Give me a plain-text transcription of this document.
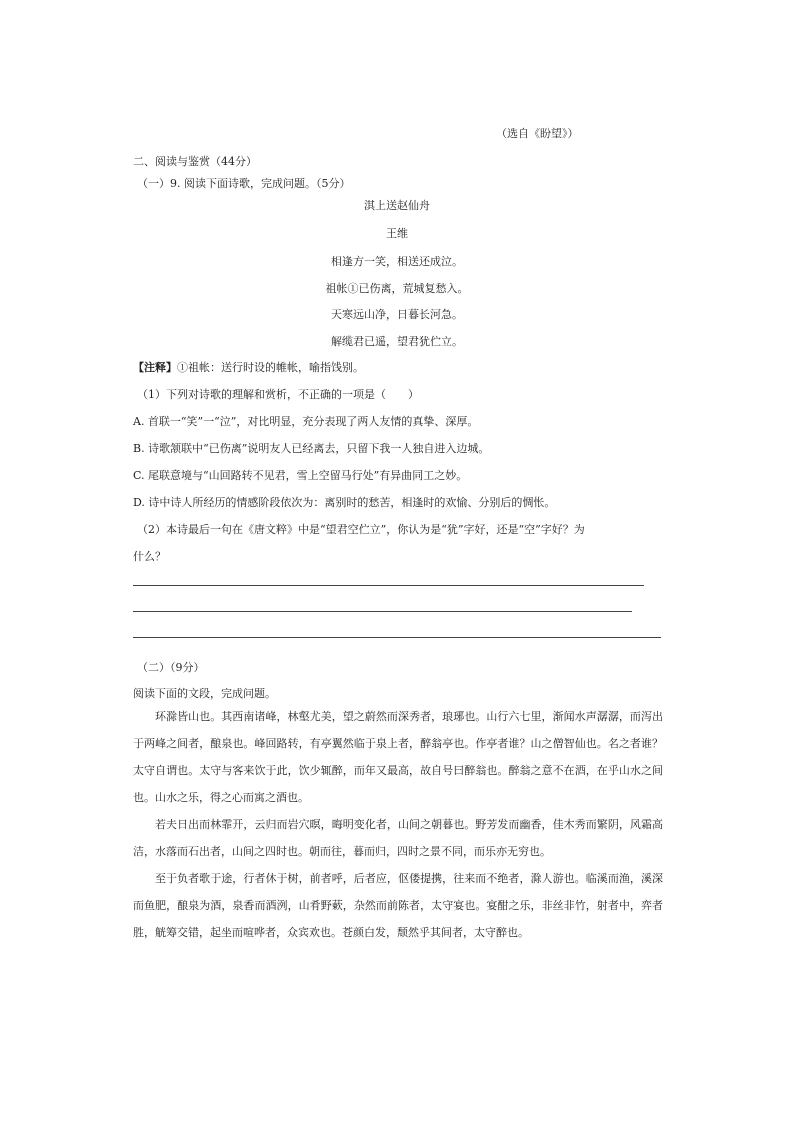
（选自《盼望》）
二、阅读与鉴赏（44分）
（一）9. 阅读下面诗歌，完成问题。（5分）
淇上送赵仙舟
王维
相逢方一笑，相送还成泣。
祖帐①已伤离，荒城复愁入。
天寒远山净，日暮长河急。
解缆君已遥，望君犹伫立。
【注释】①祖帐：送行时设的帷帐，喻指饯别。
（1）下列对诗歌的理解和赏析，不正确的一项是（　　）
A. 首联一“笑”一“泣”，对比明显，充分表现了两人友情的真挚、深厚。
B. 诗歌颔联中“已伤离”说明友人已经离去，只留下我一人独自进入边城。
C. 尾联意境与“山回路转不见君，雪上空留马行处”有异曲同工之妙。
D. 诗中诗人所经历的情感阶段依次为：离别时的愁苦，相逢时的欢愉、分别后的惆怅。
（2）本诗最后一句在《唐文粹》中是“望君空伫立”，你认为是“犹”字好，还是“空”字好？为
什么？
（二）（9分）
阅读下面的文段，完成问题。

环滁皆山也。其西南诸峰，林壑尤美，望之蔚然而深秀者，琅琊也。山行六七里，渐闻水声潺潺，而泻出于两峰之间者，酿泉也。峰回路转，有亭翼然临于泉上者，醉翁亭也。作亭者谁？山之僧智仙也。名之者谁？太守自谓也。太守与客来饮于此，饮少辄醉，而年又最高，故自号曰醉翁也。醉翁之意不在酒，在乎山水之间也。山水之乐，得之心而寓之酒也。

若夫日出而林霏开，云归而岩穴暝，晦明变化者，山间之朝暮也。野芳发而幽香，佳木秀而繁阴，风霜高洁，水落而石出者，山间之四时也。朝而往，暮而归，四时之景不同，而乐亦无穷也。

至于负者歌于途，行者休于树，前者呼，后者应，伛偻提携，往来而不绝者，滁人游也。临溪而渔，溪深而鱼肥，酿泉为酒，泉香而酒洌，山肴野蔌，杂然而前陈者，太守宴也。宴酣之乐，非丝非竹，射者中，弈者胜，觥筹交错，起坐而喧哗者，众宾欢也。苍颜白发，颓然乎其间者，太守醉也。
